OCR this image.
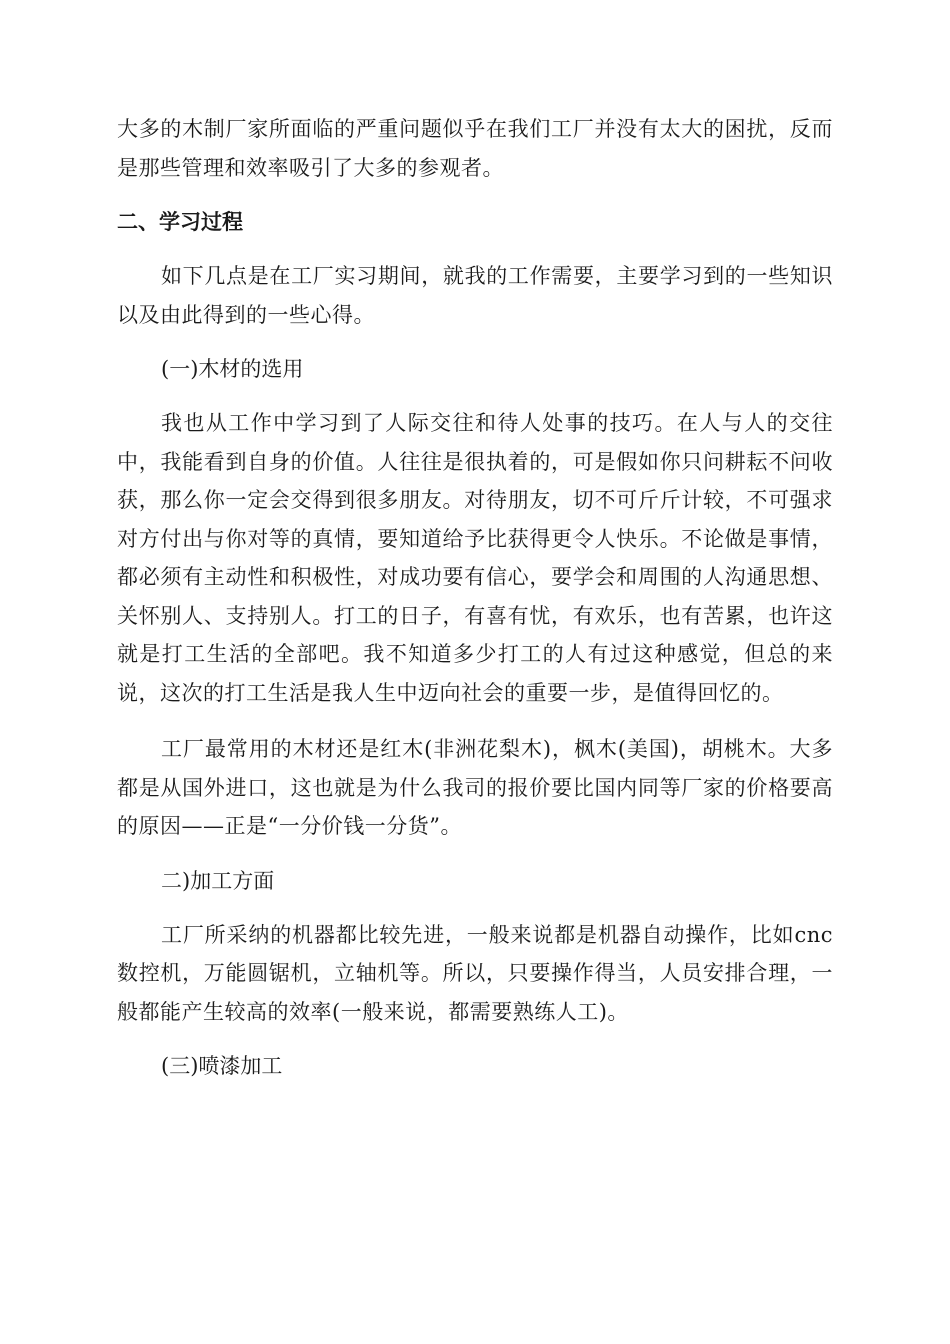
大多的木制厂家所面临的严重问题似乎在我们工厂并没有太大的困扰，反而是那些管理和效率吸引了大多的参观者。

二、学习过程

如下几点是在工厂实习期间，就我的工作需要，主要学习到的一些知识以及由此得到的一些心得。

(一)木材的选用

我也从工作中学习到了人际交往和待人处事的技巧。在人与人的交往中，我能看到自身的价值。人往往是很执着的，可是假如你只问耕耘不问收获，那么你一定会交得到很多朋友。对待朋友，切不可斤斤计较，不可强求对方付出与你对等的真情，要知道给予比获得更令人快乐。不论做是事情，都必须有主动性和积极性，对成功要有信心，要学会和周围的人沟通思想、关怀别人、支持别人。打工的日子，有喜有忧，有欢乐，也有苦累，也许这就是打工生活的全部吧。我不知道多少打工的人有过这种感觉，但总的来说，这次的打工生活是我人生中迈向社会的重要一步，是值得回忆的。

工厂最常用的木材还是红木(非洲花梨木)，枫木(美国)，胡桃木。大多都是从国外进口，这也就是为什么我司的报价要比国内同等厂家的价格要高的原因——正是“一分价钱一分货”。

二)加工方面

工厂所采纳的机器都比较先进，一般来说都是机器自动操作，比如cnc 数控机，万能圆锯机，立轴机等。所以，只要操作得当，人员安排合理，一般都能产生较高的效率(一般来说，都需要熟练人工)。

(三)喷漆加工
